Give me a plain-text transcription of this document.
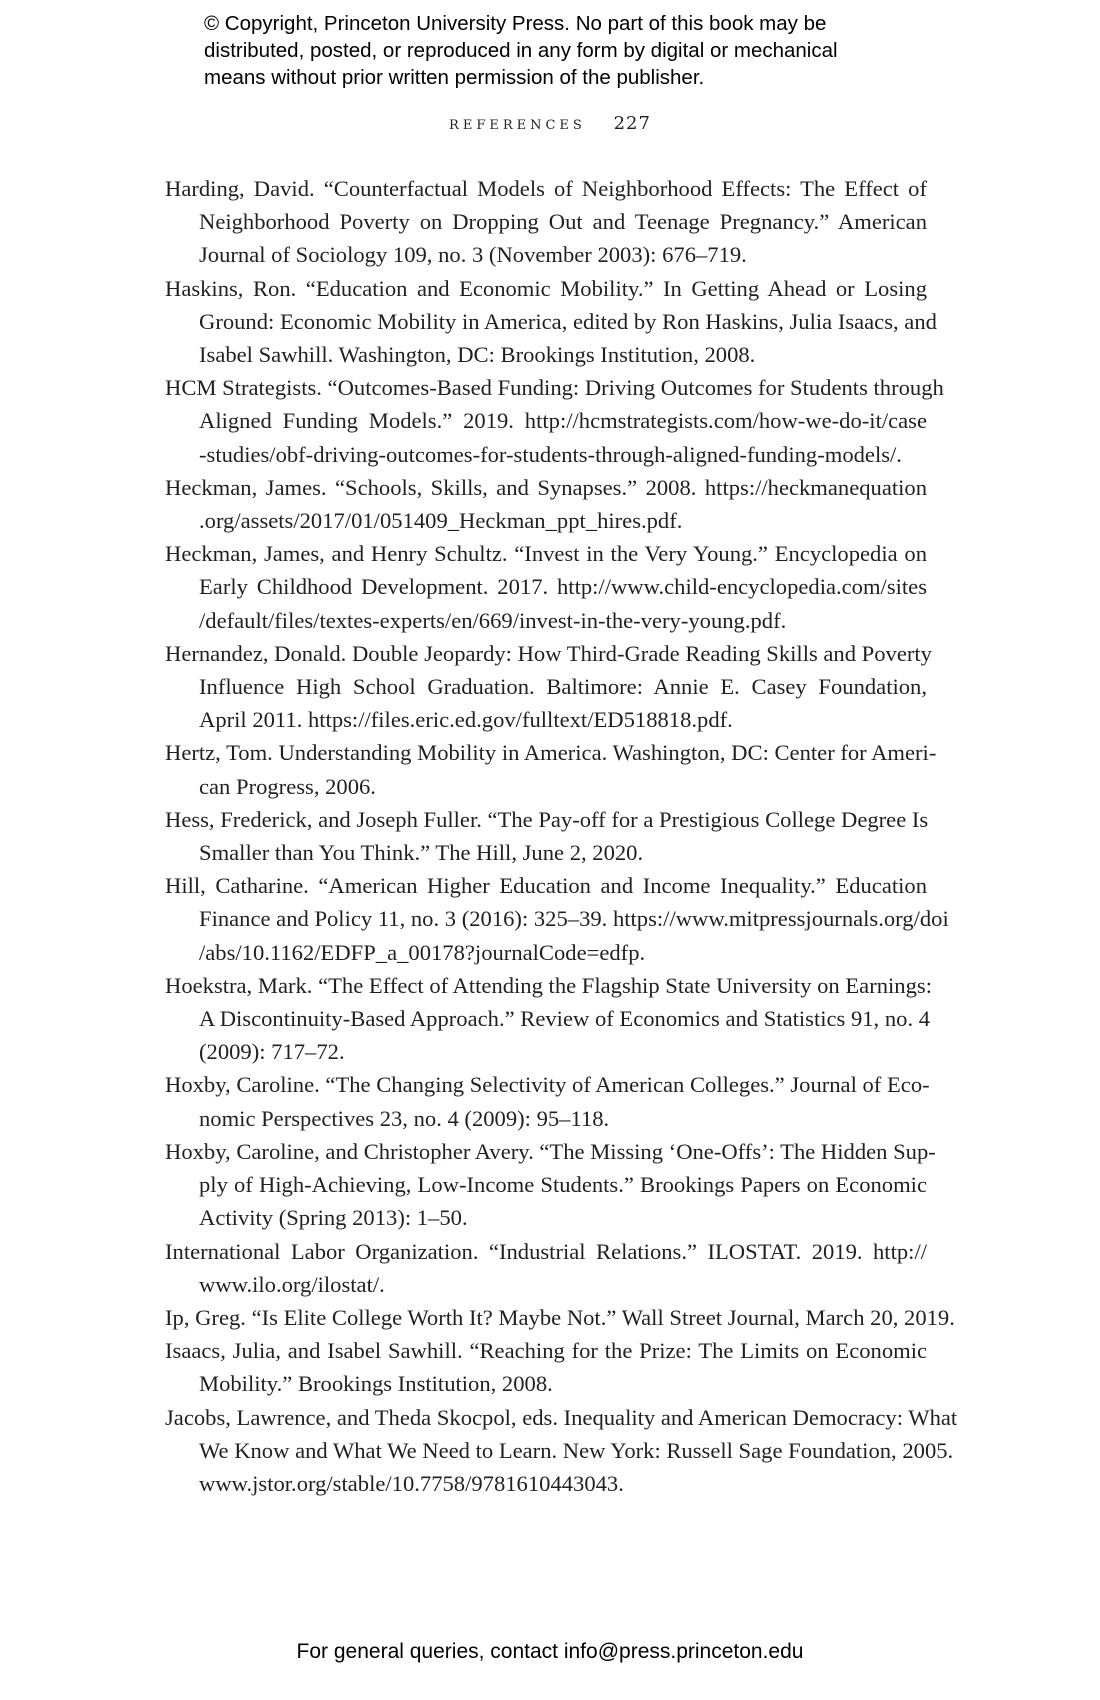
© Copyright, Princeton University Press. No part of this book may be
distributed, posted, or reproduced in any form by digital or mechanical
means without prior written permission of the publisher.
references 227
Harding, David. “Counterfactual Models of Neighborhood Effects: The Effect of
Neighborhood Poverty on Dropping Out and Teenage Pregnancy.” American
Journal of Sociology 109, no. 3 (November 2003): 676–719.
Haskins, Ron. “Education and Economic Mobility.” In Getting Ahead or Losing
Ground: Economic Mobility in America, edited by Ron Haskins, Julia Isaacs, and
Isabel Sawhill. Washington, DC: Brookings Institution, 2008.
HCM Strategists. “Outcomes-Based Funding: Driving Outcomes for Students through
Aligned Funding Models.” 2019. http://hcmstrategists.com/how-we-do-it/case
-studies/obf-driving-outcomes-for-students-through-aligned-funding-models/.
Heckman, James. “Schools, Skills, and Synapses.” 2008. https://heckmanequation
.org/assets/2017/01/051409_Heckman_ppt_hires.pdf.
Heckman, James, and Henry Schultz. “Invest in the Very Young.” Encyclopedia on
Early Childhood Development. 2017. http://www.child-encyclopedia.com/sites
/default/files/textes-experts/en/669/invest-in-the-very-young.pdf.
Hernandez, Donald. Double Jeopardy: How Third-Grade Reading Skills and Poverty
Influence High School Graduation. Baltimore: Annie E. Casey Foundation,
April 2011. https://files.eric.ed.gov/fulltext/ED518818.pdf.
Hertz, Tom. Understanding Mobility in America. Washington, DC: Center for Ameri-
can Progress, 2006.
Hess, Frederick, and Joseph Fuller. “The Pay-off for a Prestigious College Degree Is
Smaller than You Think.” The Hill, June 2, 2020.
Hill, Catharine. “American Higher Education and Income Inequality.” Education
Finance and Policy 11, no. 3 (2016): 325–39. https://www.mitpressjournals.org/doi
/abs/10.1162/EDFP_a_00178?journalCode=edfp.
Hoekstra, Mark. “The Effect of Attending the Flagship State University on Earnings:
A Discontinuity-Based Approach.” Review of Economics and Statistics 91, no. 4
(2009): 717–72.
Hoxby, Caroline. “The Changing Selectivity of American Colleges.” Journal of Eco-
nomic Perspectives 23, no. 4 (2009): 95–118.
Hoxby, Caroline, and Christopher Avery. “The Missing ‘One-Offs’: The Hidden Sup-
ply of High-Achieving, Low-Income Students.” Brookings Papers on Economic
Activity (Spring 2013): 1–50.
International Labor Organization. “Industrial Relations.” ILOSTAT. 2019. http://
www.ilo.org/ilostat/.
Ip, Greg. “Is Elite College Worth It? Maybe Not.” Wall Street Journal, March 20, 2019.
Isaacs, Julia, and Isabel Sawhill. “Reaching for the Prize: The Limits on Economic
Mobility.” Brookings Institution, 2008.
Jacobs, Lawrence, and Theda Skocpol, eds. Inequality and American Democracy: What
We Know and What We Need to Learn. New York: Russell Sage Foundation, 2005.
www.jstor.org/stable/10.7758/9781610443043.
For general queries, contact info@press.princeton.edu
